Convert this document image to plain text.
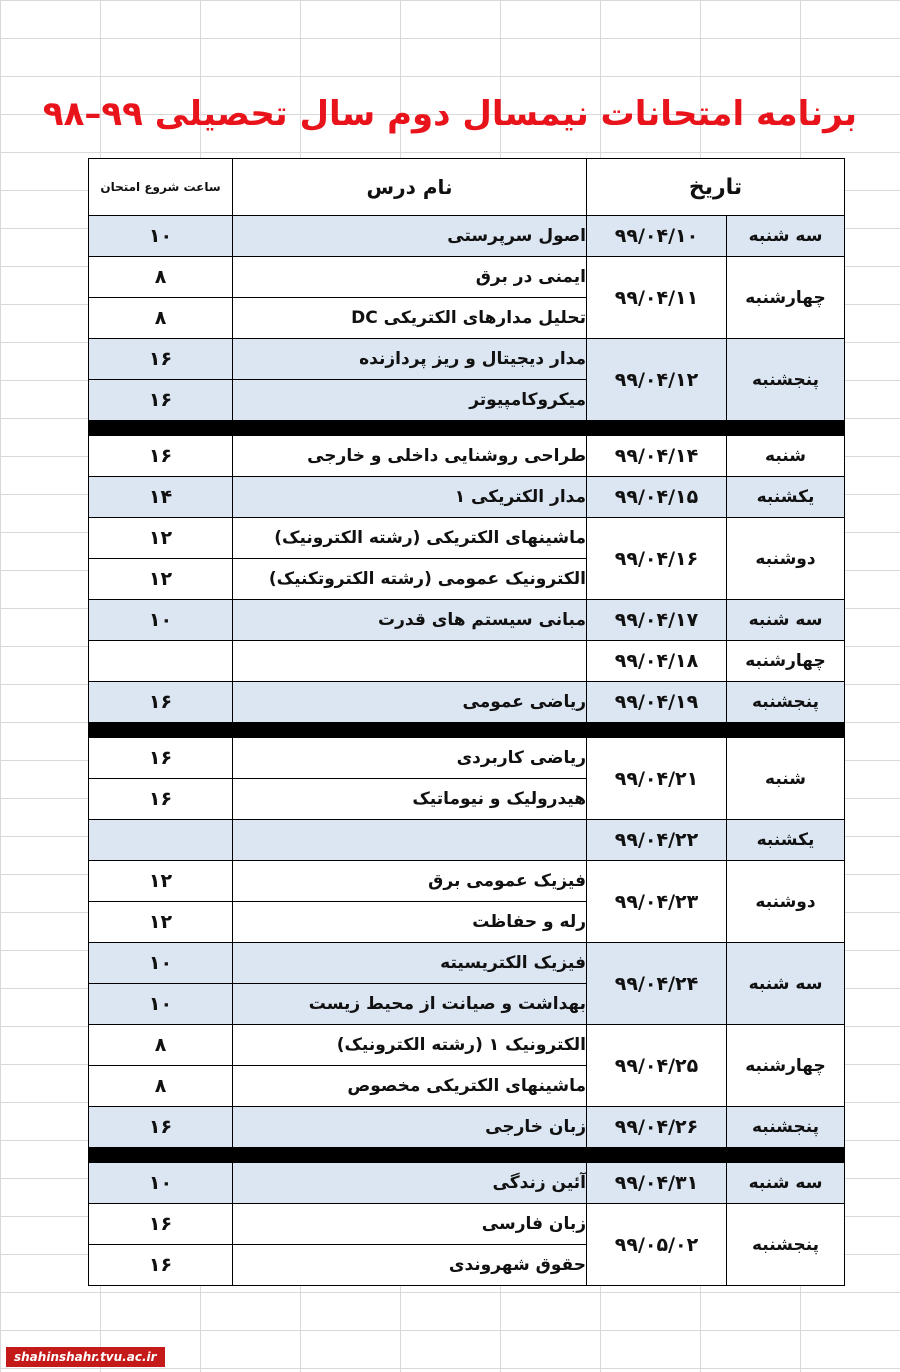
برنامه امتحانات نیمسال دوم سال تحصیلی ۹۹–۹۸
تاریخ		نام درس	ساعت شروع امتحان
سه شنبه	۹۹/۰۴/۱۰	اصول سرپرستی	۱۰
چهارشنبه	۹۹/۰۴/۱۱	ایمنی در برق	۸
		تحلیل مدارهای الکتریکی DC	۸
پنجشنبه	۹۹/۰۴/۱۲	مدار دیجیتال و ریز پردازنده	۱۶
		میکروکامپیوتر	۱۶

شنبه	۹۹/۰۴/۱۴	طراحی روشنایی داخلی و خارجی	۱۶
یکشنبه	۹۹/۰۴/۱۵	مدار الکتریکی ۱	۱۴
دوشنبه	۹۹/۰۴/۱۶	ماشینهای الکتریکی (رشته الکترونیک)	۱۲
		الکترونیک عمومی (رشته الکتروتکنیک)	۱۲
سه شنبه	۹۹/۰۴/۱۷	مبانی سیستم های قدرت	۱۰
چهارشنبه	۹۹/۰۴/۱۸		
پنجشنبه	۹۹/۰۴/۱۹	ریاضی عمومی	۱۶

شنبه	۹۹/۰۴/۲۱	ریاضی کاربردی	۱۶
		هیدرولیک و نیوماتیک	۱۶
یکشنبه	۹۹/۰۴/۲۲		
دوشنبه	۹۹/۰۴/۲۳	فیزیک عمومی برق	۱۲
		رله و حفاظت	۱۲
سه شنبه	۹۹/۰۴/۲۴	فیزیک الکتریسیته	۱۰
		بهداشت و صیانت از محیط زیست	۱۰
چهارشنبه	۹۹/۰۴/۲۵	الکترونیک ۱ (رشته الکترونیک)	۸
		ماشینهای الکتریکی مخصوص	۸
پنجشنبه	۹۹/۰۴/۲۶	زبان خارجی	۱۶

سه شنبه	۹۹/۰۴/۳۱	آئین زندگی	۱۰
پنجشنبه	۹۹/۰۵/۰۲	زبان فارسی	۱۶
		حقوق شهروندی	۱۶
shahinshahr.tvu.ac.ir
